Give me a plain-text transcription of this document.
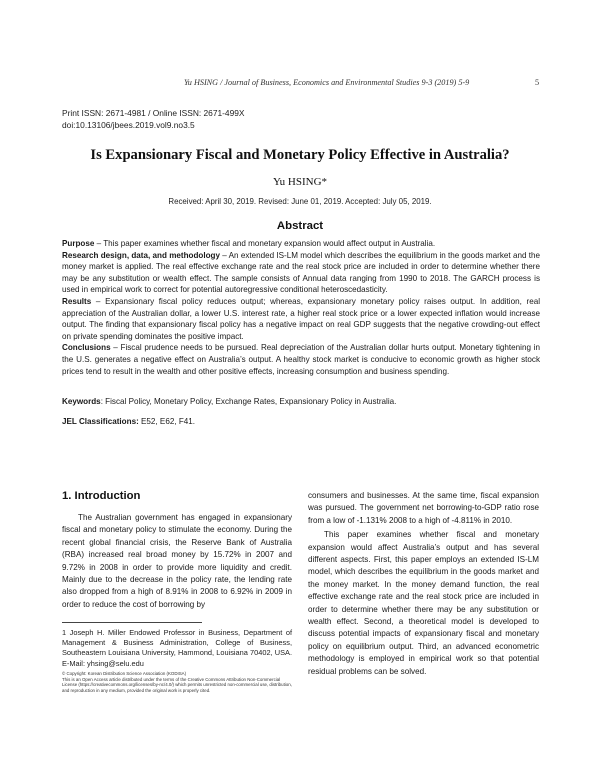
Yu HSING / Journal of Business, Economics and Environmental Studies 9-3 (2019) 5-9	5
Print ISSN: 2671-4981 / Online ISSN: 2671-499X
doi:10.13106/jbees.2019.vol9.no3.5
Is Expansionary Fiscal and Monetary Policy Effective in Australia?
Yu HSING*
Received: April 30, 2019. Revised: June 01, 2019. Accepted: July 05, 2019.
Abstract

Purpose – This paper examines whether fiscal and monetary expansion would affect output in Australia.

Research design, data, and methodology – An extended IS-LM model which describes the equilibrium in the goods market and the money market is applied. The real effective exchange rate and the real stock price are included in order to determine whether there may be any substitution or wealth effect. The sample consists of Annual data ranging from 1990 to 2018. The GARCH process is used in empirical work to correct for potential autoregressive conditional heteroscedasticity.

Results – Expansionary fiscal policy reduces output; whereas, expansionary monetary policy raises output. In addition, real appreciation of the Australian dollar, a lower U.S. interest rate, a higher real stock price or a lower expected inflation would increase output. The finding that expansionary fiscal policy has a negative impact on real GDP suggests that the negative crowding-out effect on private spending dominates the positive impact.

Conclusions – Fiscal prudence needs to be pursued. Real depreciation of the Australian dollar hurts output. Monetary tightening in the U.S. generates a negative effect on Australia’s output. A healthy stock market is conducive to economic growth as higher stock prices tend to result in the wealth and other positive effects, increasing consumption and business spending.

Keywords: Fiscal Policy, Monetary Policy, Exchange Rates, Expansionary Policy in Australia.
JEL Classifications: E52, E62, F41.
1. Introduction

The Australian government has engaged in expansionary fiscal and monetary policy to stimulate the economy. During the recent global financial crisis, the Reserve Bank of Australia (RBA) increased real broad money by 15.72% in 2007 and 9.72% in 2008 in order to provide more liquidity and credit. Mainly due to the decrease in the policy rate, the lending rate also dropped from a high of 8.91% in 2008 to 6.92% in 2009 in order to reduce the cost of borrowing by

consumers and businesses. At the same time, fiscal expansion was pursued. The government net borrowing-to-GDP ratio rose from a low of -1.131% 2008 to a high of -4.811% in 2010.

This paper examines whether fiscal and monetary expansion would affect Australia’s output and has several different aspects. First, this paper employs an extended IS-LM model, which describes the equilibrium in the goods market and the money market. In the money demand function, the real effective exchange rate and the real stock price are included in order to determine whether there may be any substitution or wealth effect. Second, a theoretical model is developed to discuss potential impacts of expansionary fiscal and monetary policy on equilibrium output. Third, an advanced econometric methodology is employed in empirical work so that potential residual problems can be solved.

1 Joseph H. Miller Endowed Professor in Business, Department of Management & Business Administration, College of Business, Southeastern Louisiana University, Hammond, Louisiana 70402, USA. E-Mail: yhsing@selu.edu
© Copyright: Korean Distribution Science Association (KODISA)
This is an Open Access article distributed under the terms of the Creative Commons Attribution Non-Commercial License (https://creativecommons.org/licenses/by-nc/4.0/) which permits unrestricted non-commercial use, distribution, and reproduction in any medium, provided the original work is properly cited.
